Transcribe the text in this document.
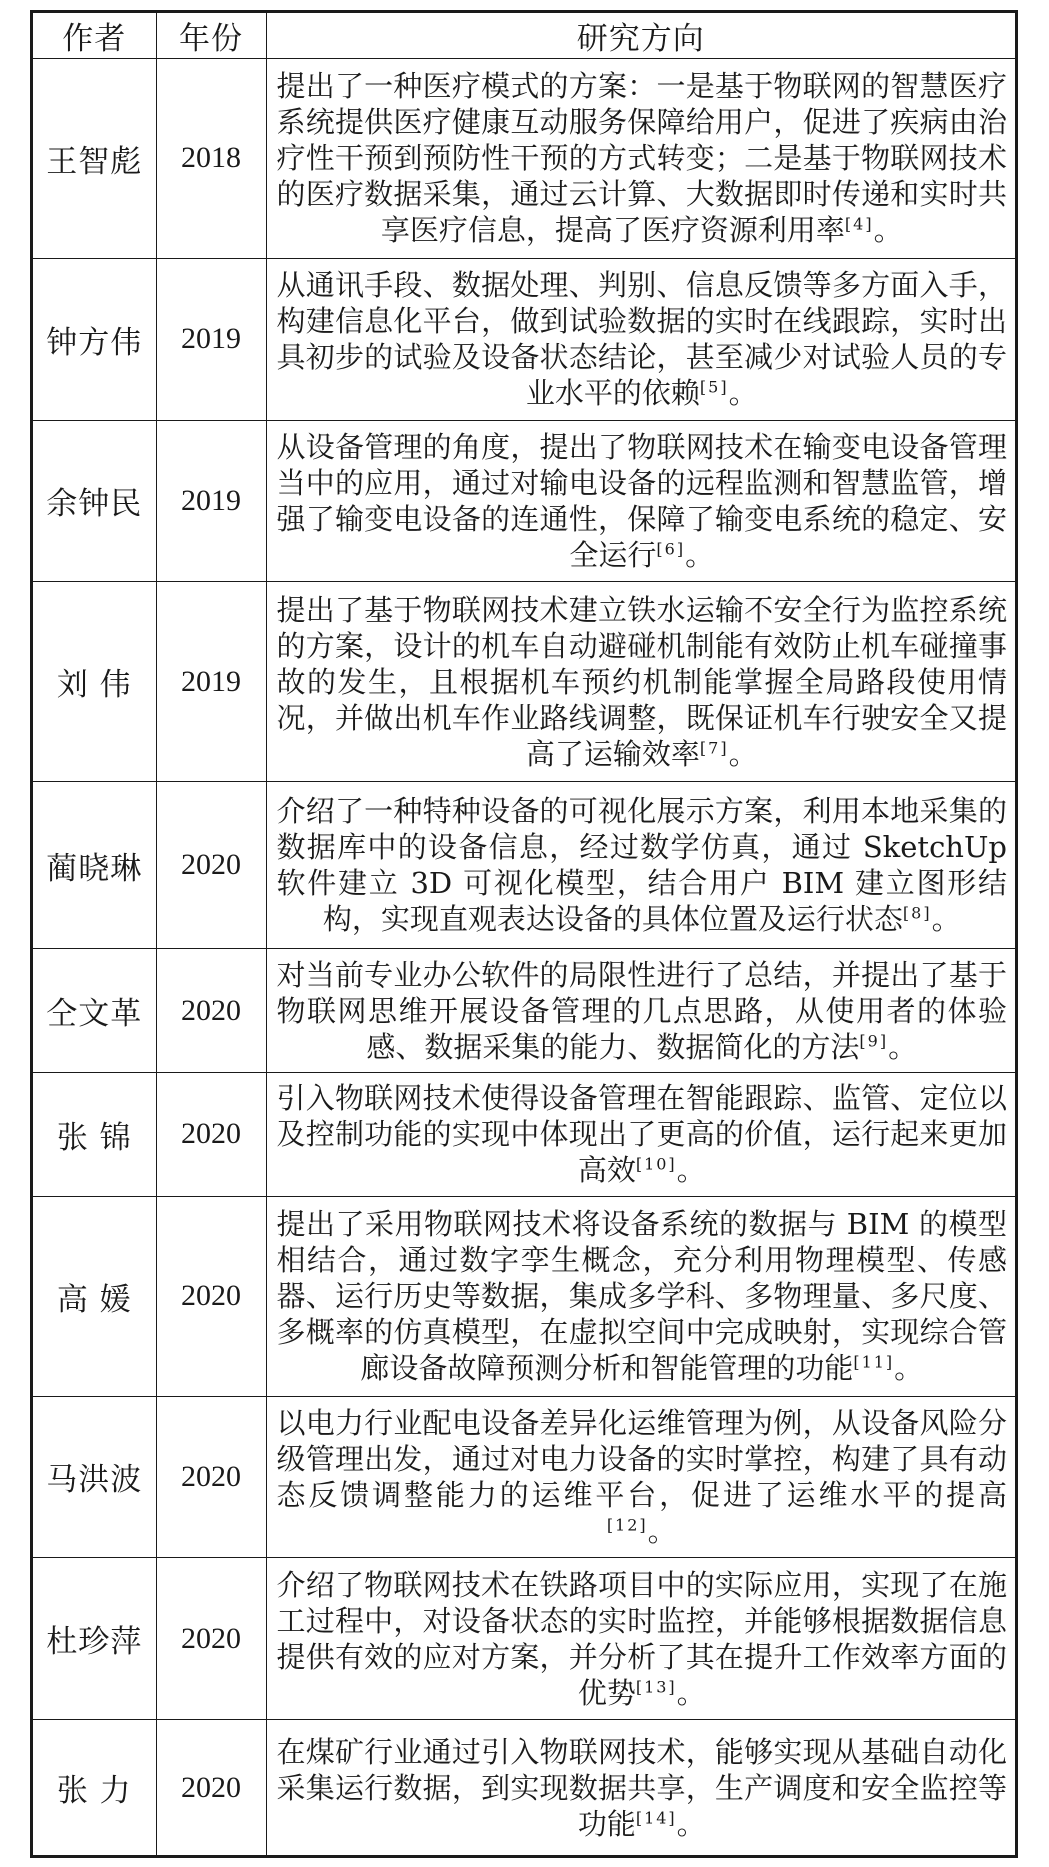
作者	年份	研究方向
王智彪	2018	提出了一种医疗模式的方案：一是基于物联网的智慧医疗系统提供医疗健康互动服务保障给用户，促进了疾病由治疗性干预到预防性干预的方式转变；二是基于物联网技术的医疗数据采集，通过云计算、大数据即时传递和实时共享医疗信息，提高了医疗资源利用率[4]。
钟方伟	2019	从通讯手段、数据处理、判别、信息反馈等多方面入手，构建信息化平台，做到试验数据的实时在线跟踪，实时出具初步的试验及设备状态结论，甚至减少对试验人员的专业水平的依赖[5]。
余钟民	2019	从设备管理的角度，提出了物联网技术在输变电设备管理当中的应用，通过对输电设备的远程监测和智慧监管，增强了输变电设备的连通性，保障了输变电系统的稳定、安全运行[6]。
刘 伟	2019	提出了基于物联网技术建立铁水运输不安全行为监控系统的方案，设计的机车自动避碰机制能有效防止机车碰撞事故的发生，且根据机车预约机制能掌握全局路段使用情况，并做出机车作业路线调整，既保证机车行驶安全又提高了运输效率[7]。
蔺晓琳	2020	介绍了一种特种设备的可视化展示方案，利用本地采集的数据库中的设备信息，经过数学仿真，通过 SketchUp 软件建立 3D 可视化模型，结合用户 BIM 建立图形结构，实现直观表达设备的具体位置及运行状态[8]。
仝文革	2020	对当前专业办公软件的局限性进行了总结，并提出了基于物联网思维开展设备管理的几点思路，从使用者的体验感、数据采集的能力、数据简化的方法[9]。
张 锦	2020	引入物联网技术使得设备管理在智能跟踪、监管、定位以及控制功能的实现中体现出了更高的价值，运行起来更加高效[10]。
高 媛	2020	提出了采用物联网技术将设备系统的数据与 BIM 的模型相结合，通过数字孪生概念，充分利用物理模型、传感器、运行历史等数据，集成多学科、多物理量、多尺度、多概率的仿真模型，在虚拟空间中完成映射，实现综合管廊设备故障预测分析和智能管理的功能[11]。
马洪波	2020	以电力行业配电设备差异化运维管理为例，从设备风险分级管理出发，通过对电力设备的实时掌控，构建了具有动态反馈调整能力的运维平台，促进了运维水平的提高[12]。
杜珍萍	2020	介绍了物联网技术在铁路项目中的实际应用，实现了在施工过程中，对设备状态的实时监控，并能够根据数据信息提供有效的应对方案，并分析了其在提升工作效率方面的优势[13]。
张 力	2020	在煤矿行业通过引入物联网技术，能够实现从基础自动化采集运行数据，到实现数据共享，生产调度和安全监控等功能[14]。
